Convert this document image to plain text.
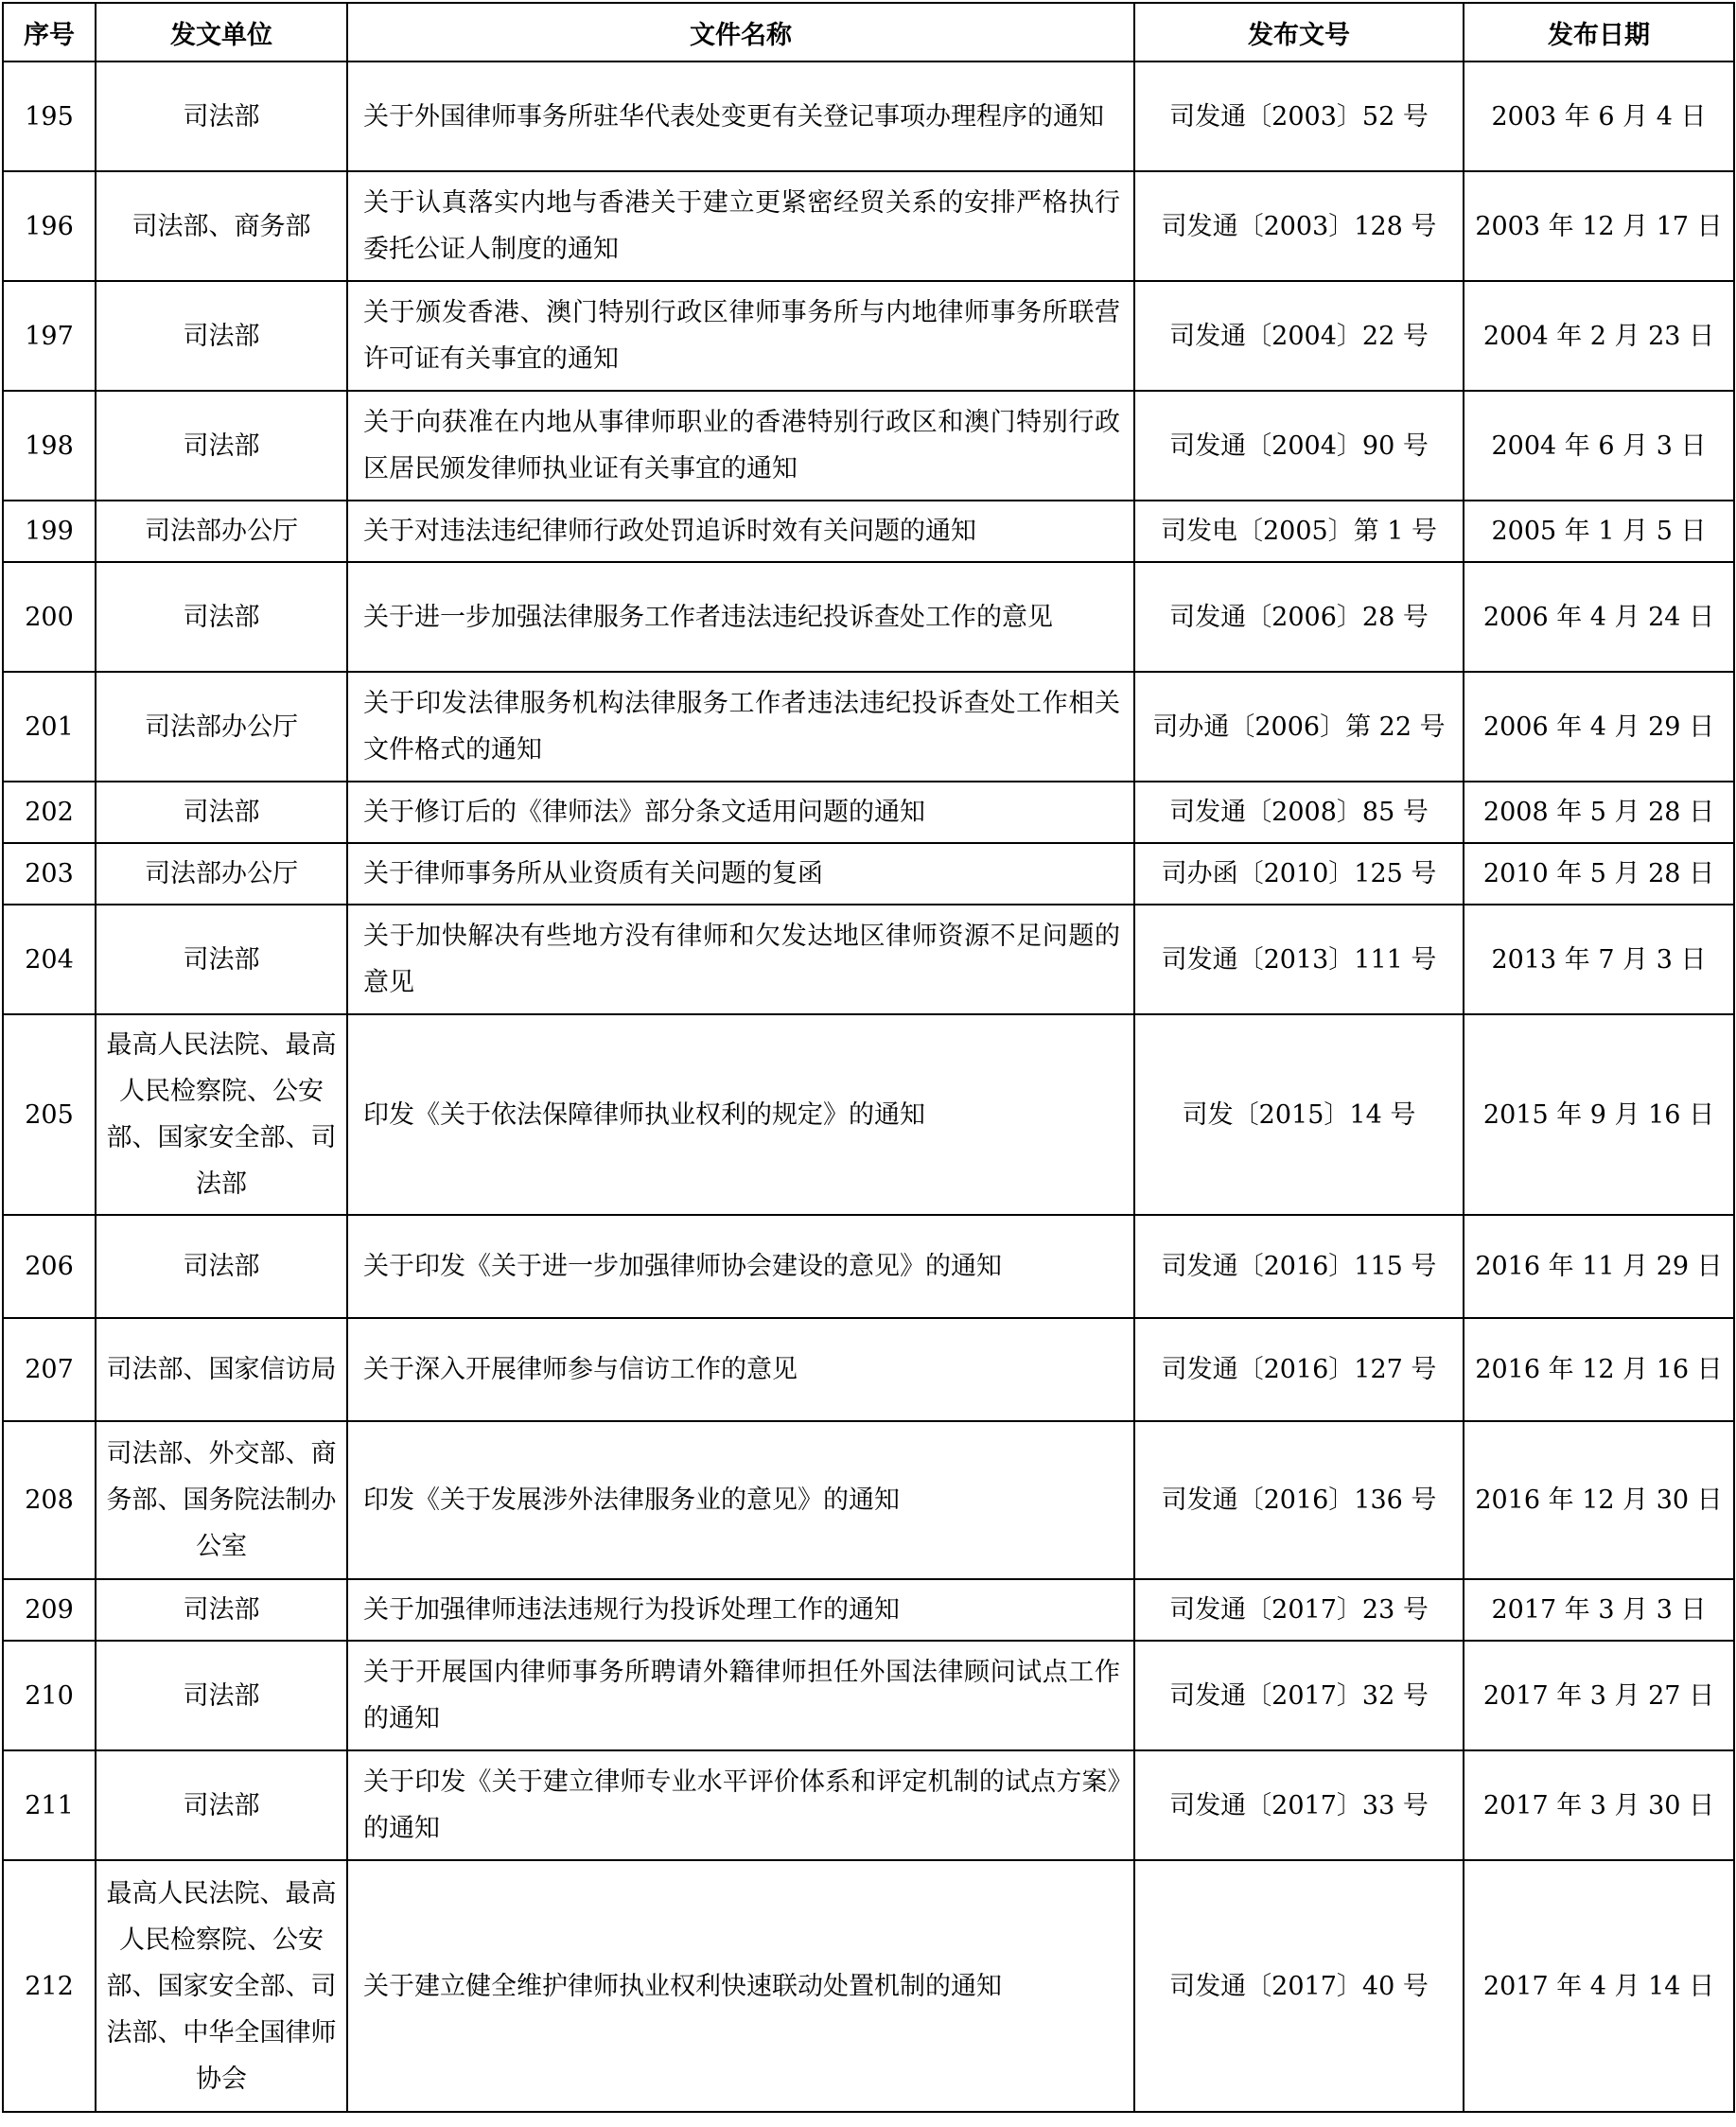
序号	发文单位	文件名称	发布文号	发布日期
195	司法部	关于外国律师事务所驻华代表处变更有关登记事项办理程序的通知	司发通〔2003〕52 号	2003 年 6 月 4 日
196	司法部、商务部	关于认真落实内地与香港关于建立更紧密经贸关系的安排严格执行委托公证人制度的通知	司发通〔2003〕128 号	2003 年 12 月 17 日
197	司法部	关于颁发香港、澳门特别行政区律师事务所与内地律师事务所联营许可证有关事宜的通知	司发通〔2004〕22 号	2004 年 2 月 23 日
198	司法部	关于向获准在内地从事律师职业的香港特别行政区和澳门特别行政区居民颁发律师执业证有关事宜的通知	司发通〔2004〕90 号	2004 年 6 月 3 日
199	司法部办公厅	关于对违法违纪律师行政处罚追诉时效有关问题的通知	司发电〔2005〕第 1 号	2005 年 1 月 5 日
200	司法部	关于进一步加强法律服务工作者违法违纪投诉查处工作的意见	司发通〔2006〕28 号	2006 年 4 月 24 日
201	司法部办公厅	关于印发法律服务机构法律服务工作者违法违纪投诉查处工作相关文件格式的通知	司办通〔2006〕第 22 号	2006 年 4 月 29 日
202	司法部	关于修订后的《律师法》部分条文适用问题的通知	司发通〔2008〕85 号	2008 年 5 月 28 日
203	司法部办公厅	关于律师事务所从业资质有关问题的复函	司办函〔2010〕125 号	2010 年 5 月 28 日
204	司法部	关于加快解决有些地方没有律师和欠发达地区律师资源不足问题的意见	司发通〔2013〕111 号	2013 年 7 月 3 日
205	最高人民法院、最高人民检察院、公安部、国家安全部、司法部	印发《关于依法保障律师执业权利的规定》的通知	司发〔2015〕14 号	2015 年 9 月 16 日
206	司法部	关于印发《关于进一步加强律师协会建设的意见》的通知	司发通〔2016〕115 号	2016 年 11 月 29 日
207	司法部、国家信访局	关于深入开展律师参与信访工作的意见	司发通〔2016〕127 号	2016 年 12 月 16 日
208	司法部、外交部、商务部、国务院法制办公室	印发《关于发展涉外法律服务业的意见》的通知	司发通〔2016〕136 号	2016 年 12 月 30 日
209	司法部	关于加强律师违法违规行为投诉处理工作的通知	司发通〔2017〕23 号	2017 年 3 月 3 日
210	司法部	关于开展国内律师事务所聘请外籍律师担任外国法律顾问试点工作的通知	司发通〔2017〕32 号	2017 年 3 月 27 日
211	司法部	关于印发《关于建立律师专业水平评价体系和评定机制的试点方案》的通知	司发通〔2017〕33 号	2017 年 3 月 30 日
212	最高人民法院、最高人民检察院、公安部、国家安全部、司法部、中华全国律师协会	关于建立健全维护律师执业权利快速联动处置机制的通知	司发通〔2017〕40 号	2017 年 4 月 14 日
